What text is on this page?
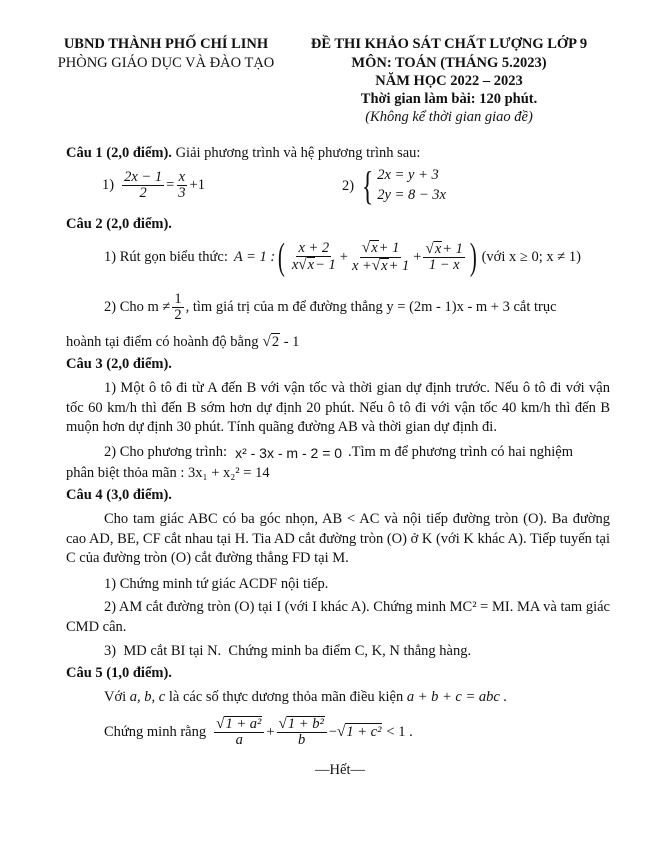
UBND THÀNH PHỐ CHÍ LINH
PHÒNG GIÁO DỤC VÀ ĐÀO TẠO
ĐỀ THI KHẢO SÁT CHẤT LƯỢNG LỚP 9
MÔN: TOÁN (THÁNG 5.2023)
NĂM HỌC 2022 – 2023
Thời gian làm bài: 120 phút.
(Không kể thời gian giao đề)
Câu 1 (2,0 điểm). Giải phương trình và hệ phương trình sau:
$1) \frac{2x - 1}{2} = \frac{x}{3} +1$	2) { 2x = y + 3
2y = 8 − 3x
Câu 2 (2,0 điểm).
1) Rút gọn biểu thức: A = 1 : ( $\frac{x + 2}{x √ x - 1} + \frac{√ x + 1}{x + √ x + 1} + \frac{√ x + 1}{1 - x}$ ) (với x ≥ 0; x ≠ 1)
2) Cho $m \ne \frac{1}{2}$ , tìm giá trị của m để đường thẳng y = (2m - 1)x - m + 3 cắt trục
hoành tại điểm có hoành độ bằng √ 2 - 1
Câu 3 (2,0 điểm).

1) Một ô tô đi từ A đến B với vận tốc và thời gian dự định trước. Nếu ô tô đi với vận tốc 60 km/h thì đến B sớm hơn dự định 20 phút. Nếu ô tô đi với vận tốc 40 km/h thì đến B muộn hơn dự định 30 phút. Tính quãng đường AB và thời gian dự định đi.

2) Cho phương trình: x² - 3x - m - 2 = 0 .Tìm m để phương trình có hai nghiệm
phân biệt thỏa mãn : 3x₁ + x₂² = 14
Câu 4 (3,0 điểm).

Cho tam giác ABC có ba góc nhọn, AB < AC và nội tiếp đường tròn (O). Ba đường cao AD, BE, CF cắt nhau tại H. Tia AD cắt đường tròn (O) ở K (với K khác A). Tiếp tuyến tại C của đường tròn (O) cắt đường thẳng FD tại M.

1) Chứng minh tứ giác ACDF nội tiếp.

2) AM cắt đường tròn (O) tại I (với I khác A). Chứng minh MC² = MI. MA và tam giác CMD cân.

3)  MD cắt BI tại N.  Chứng minh ba điểm C, K, N thẳng hàng.
Câu 5 (1,0 điểm).
Với a, b, c là các số thực dương thỏa mãn điều kiện a + b + c = abc .
Chứng minh rằng $\frac{\text{√ 1 + a²}}{a} + \frac{\text{√ 1 + b²}}{b}$ − √ 1 + c² < 1 .
—Hết—
